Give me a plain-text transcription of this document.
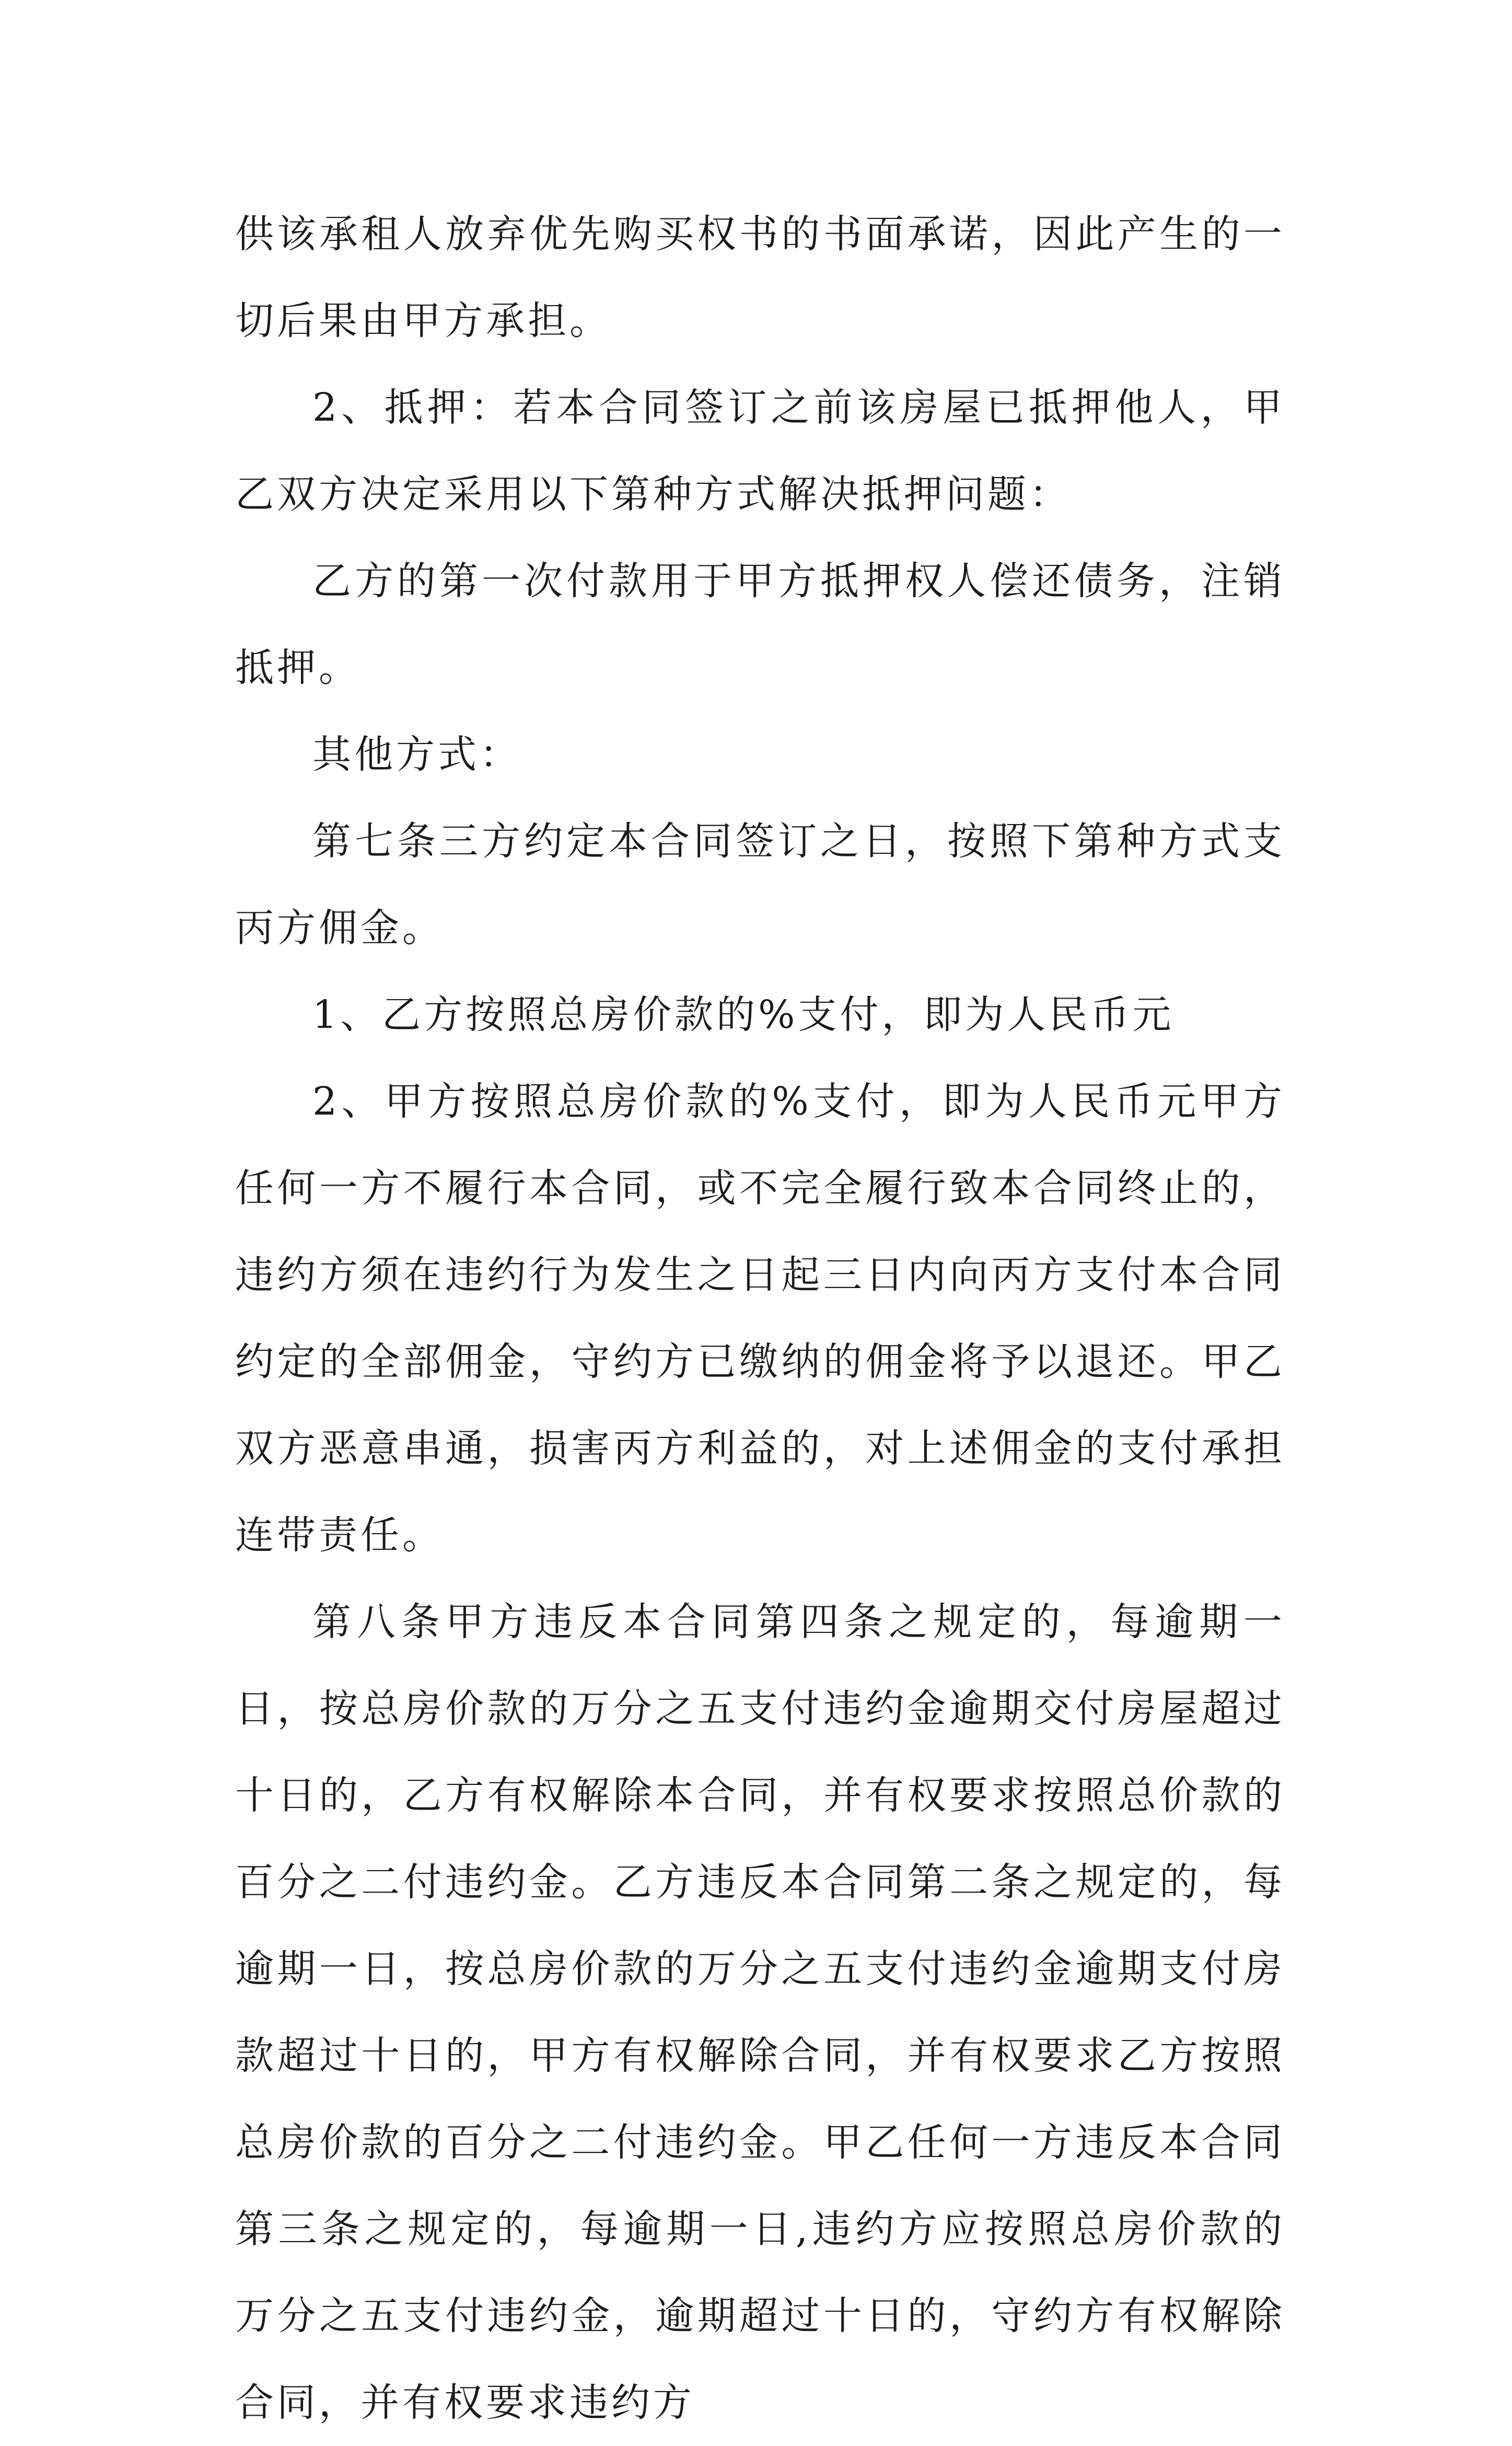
供该承租人放弃优先购买权书的书面承诺，因此产生的一切后果由甲方承担。

2、抵押：若本合同签订之前该房屋已抵押他人，甲乙双方决定采用以下第种方式解决抵押问题：

乙方的第一次付款用于甲方抵押权人偿还债务，注销抵押。

其他方式：

第七条三方约定本合同签订之日，按照下第种方式支丙方佣金。

1、乙方按照总房价款的%支付，即为人民币元

2、甲方按照总房价款的%支付，即为人民币元甲方任何一方不履行本合同，或不完全履行致本合同终止的，违约方须在违约行为发生之日起三日内向丙方支付本合同约定的全部佣金，守约方已缴纳的佣金将予以退还。甲乙双方恶意串通，损害丙方利益的，对上述佣金的支付承担连带责任。

第八条甲方违反本合同第四条之规定的，每逾期一日，按总房价款的万分之五支付违约金逾期交付房屋超过十日的，乙方有权解除本合同，并有权要求按照总价款的百分之二付违约金。乙方违反本合同第二条之规定的，每逾期一日，按总房价款的万分之五支付违约金逾期支付房款超过十日的，甲方有权解除合同，并有权要求乙方按照总房价款的百分之二付违约金。甲乙任何一方违反本合同第三条之规定的，每逾期一日,违约方应按照总房价款的万分之五支付违约金，逾期超过十日的，守约方有权解除合同，并有权要求违约方
